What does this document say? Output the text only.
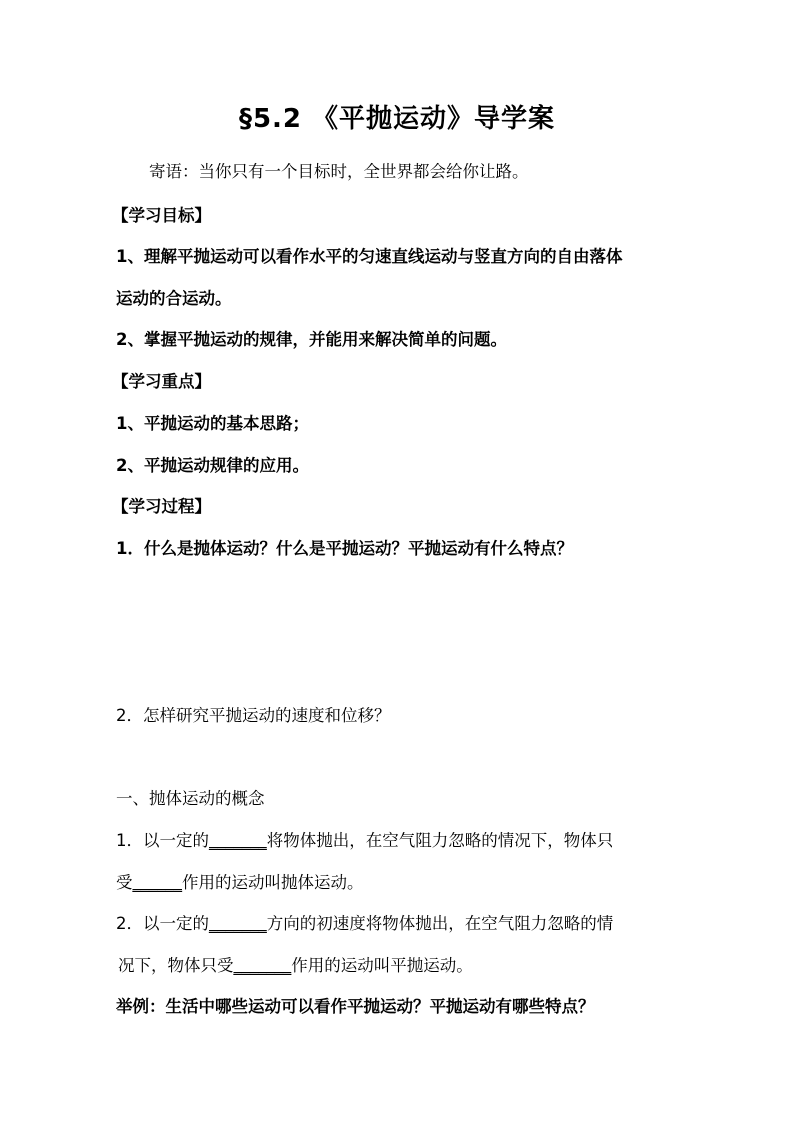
§5.2 《平抛运动》导学案
寄语：当你只有一个目标时，全世界都会给你让路。
【学习目标】
1、理解平抛运动可以看作水平的匀速直线运动与竖直方向的自由落体
运动的合运动。
2、掌握平抛运动的规律，并能用来解决简单的问题。
【学习重点】
1、平抛运动的基本思路；
2、平抛运动规律的应用。
【学习过程】
1．什么是抛体运动？什么是平抛运动？平抛运动有什么特点？
2．怎样研究平抛运动的速度和位移？
一、抛体运动的概念
1．以一定的_______将物体抛出，在空气阻力忽略的情况下，物体只
受______作用的运动叫抛体运动。
2．以一定的_______方向的初速度将物体抛出，在空气阻力忽略的情
况下，物体只受_______作用的运动叫平抛运动。
举例：生活中哪些运动可以看作平抛运动？平抛运动有哪些特点？
